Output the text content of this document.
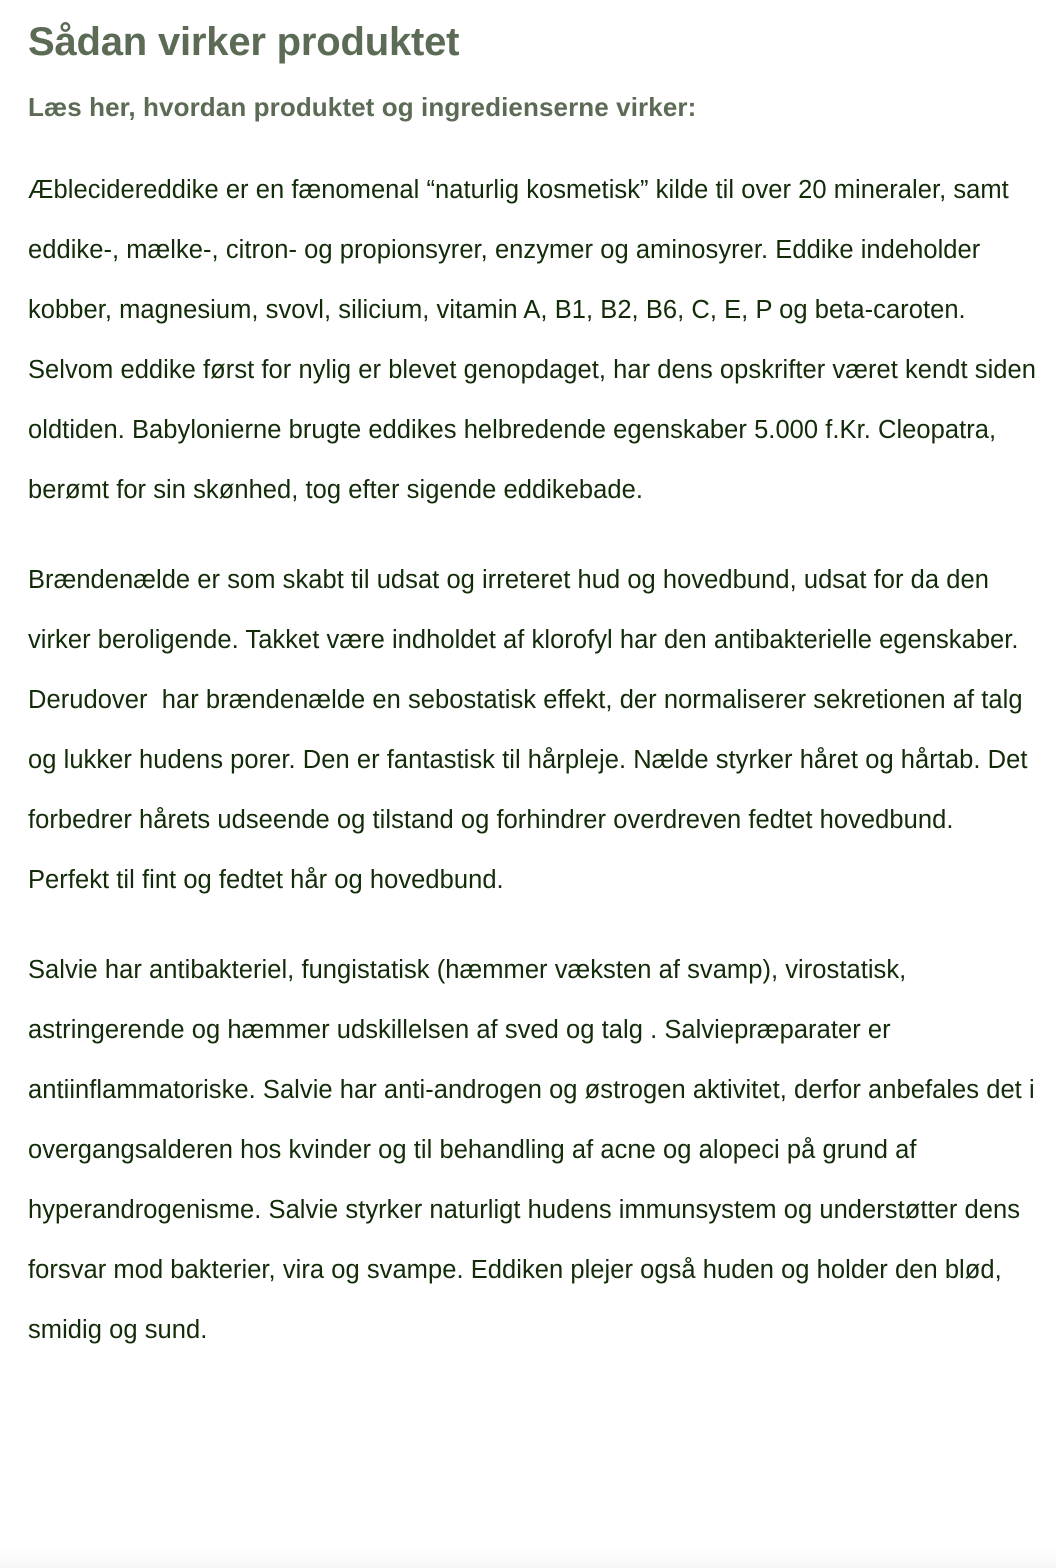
Sådan virker produktet
Læs her, hvordan produktet og ingredienserne virker:

Æblecidereddike er en fænomenal “naturlig kosmetisk” kilde til over 20 mineraler, samt eddike-, mælke-, citron- og propionsyrer, enzymer og aminosyrer. Eddike indeholder kobber, magnesium, svovl, silicium, vitamin A, B1, B2, B6, C, E, P og beta-caroten. Selvom eddike først for nylig er blevet genopdaget, har dens opskrifter været kendt siden oldtiden. Babylonierne brugte eddikes helbredende egenskaber 5.000 f.Kr. Cleopatra, berømt for sin skønhed, tog efter sigende eddikebade.

Brændenælde er som skabt til udsat og irreteret hud og hovedbund, udsat for da den virker beroligende. Takket være indholdet af klorofyl har den antibakterielle egenskaber. Derudover  har brændenælde en sebostatisk effekt, der normaliserer sekretionen af talg og lukker hudens porer. Den er fantastisk til hårpleje. Nælde styrker håret og hårtab. Det forbedrer hårets udseende og tilstand og forhindrer overdreven fedtet hovedbund. Perfekt til fint og fedtet hår og hovedbund.

Salvie har antibakteriel, fungistatisk (hæmmer væksten af svamp), virostatisk, astringerende og hæmmer udskillelsen af sved og talg . Salviepræparater er antiinflammatoriske. Salvie har anti-androgen og østrogen aktivitet, derfor anbefales det i overgangsalderen hos kvinder og til behandling af acne og alopeci på grund af hyperandrogenisme. Salvie styrker naturligt hudens immunsystem og understøtter dens forsvar mod bakterier, vira og svampe. Eddiken plejer også huden og holder den blød, smidig og sund.
